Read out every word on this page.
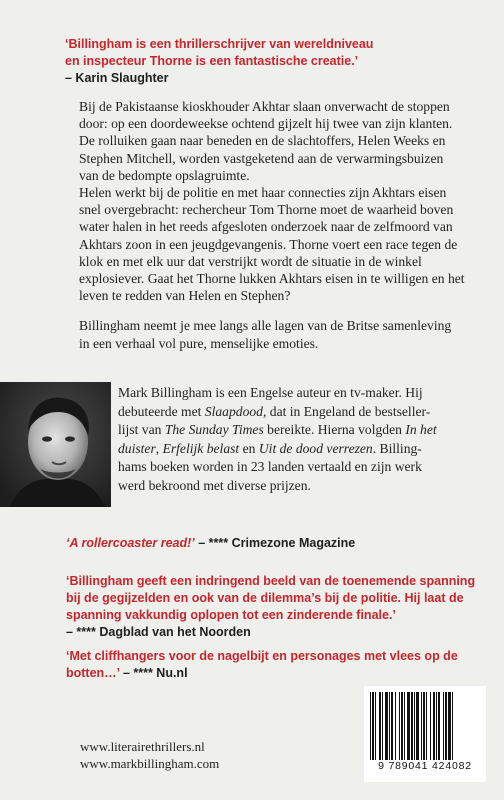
‘Billingham is een thrillerschrijver van wereldniveau
en inspecteur Thorne is een fantastische creatie.’
– Karin Slaughter

Bij de Pakistaanse kioskhouder Akhtar slaan onverwacht de stoppen

door: op een doordeweekse ochtend gijzelt hij twee van zijn klanten.

De rolluiken gaan naar beneden en de slachtoffers, Helen Weeks en

Stephen Mitchell, worden vastgeketend aan de verwarmingsbuizen

van de bedompte opslagruimte.

Helen werkt bij de politie en met haar connecties zijn Akhtars eisen

snel overgebracht: rechercheur Tom Thorne moet de waarheid boven

water halen in het reeds afgesloten onderzoek naar de zelfmoord van

Akhtars zoon in een jeugdgevangenis. Thorne voert een race tegen de

klok en met elk uur dat verstrijkt wordt de situatie in de winkel

explosiever. Gaat het Thorne lukken Akhtars eisen in te willigen en het

leven te redden van Helen en Stephen?

Billingham neemt je mee langs alle lagen van de Britse samenleving

in een verhaal vol pure, menselijke emoties.

Mark Billingham is een Engelse auteur en tv-maker. Hij

debuteerde met Slaapdood, dat in Engeland de bestseller-

lijst van The Sunday Times bereikte. Hierna volgden In het

duister, Erfelijk belast en Uit de dood verrezen. Billing-

hams boeken worden in 23 landen vertaald en zijn werk

werd bekroond met diverse prijzen.

‘A rollercoaster read!’ – **** Crimezone Magazine
‘Billingham geeft een indringend beeld van de toenemende spanning
bij de gegijzelden en ook van de dilemma’s bij de politie. Hij laat de
spanning vakkundig oplopen tot een zinderende finale.’
– **** Dagblad van het Noorden
‘Met cliffhangers voor de nagelbijt en personages met vlees op de
botten…’ – **** Nu.nl
www.literairethrillers.nl
www.markbillingham.com	9 789041 424082
